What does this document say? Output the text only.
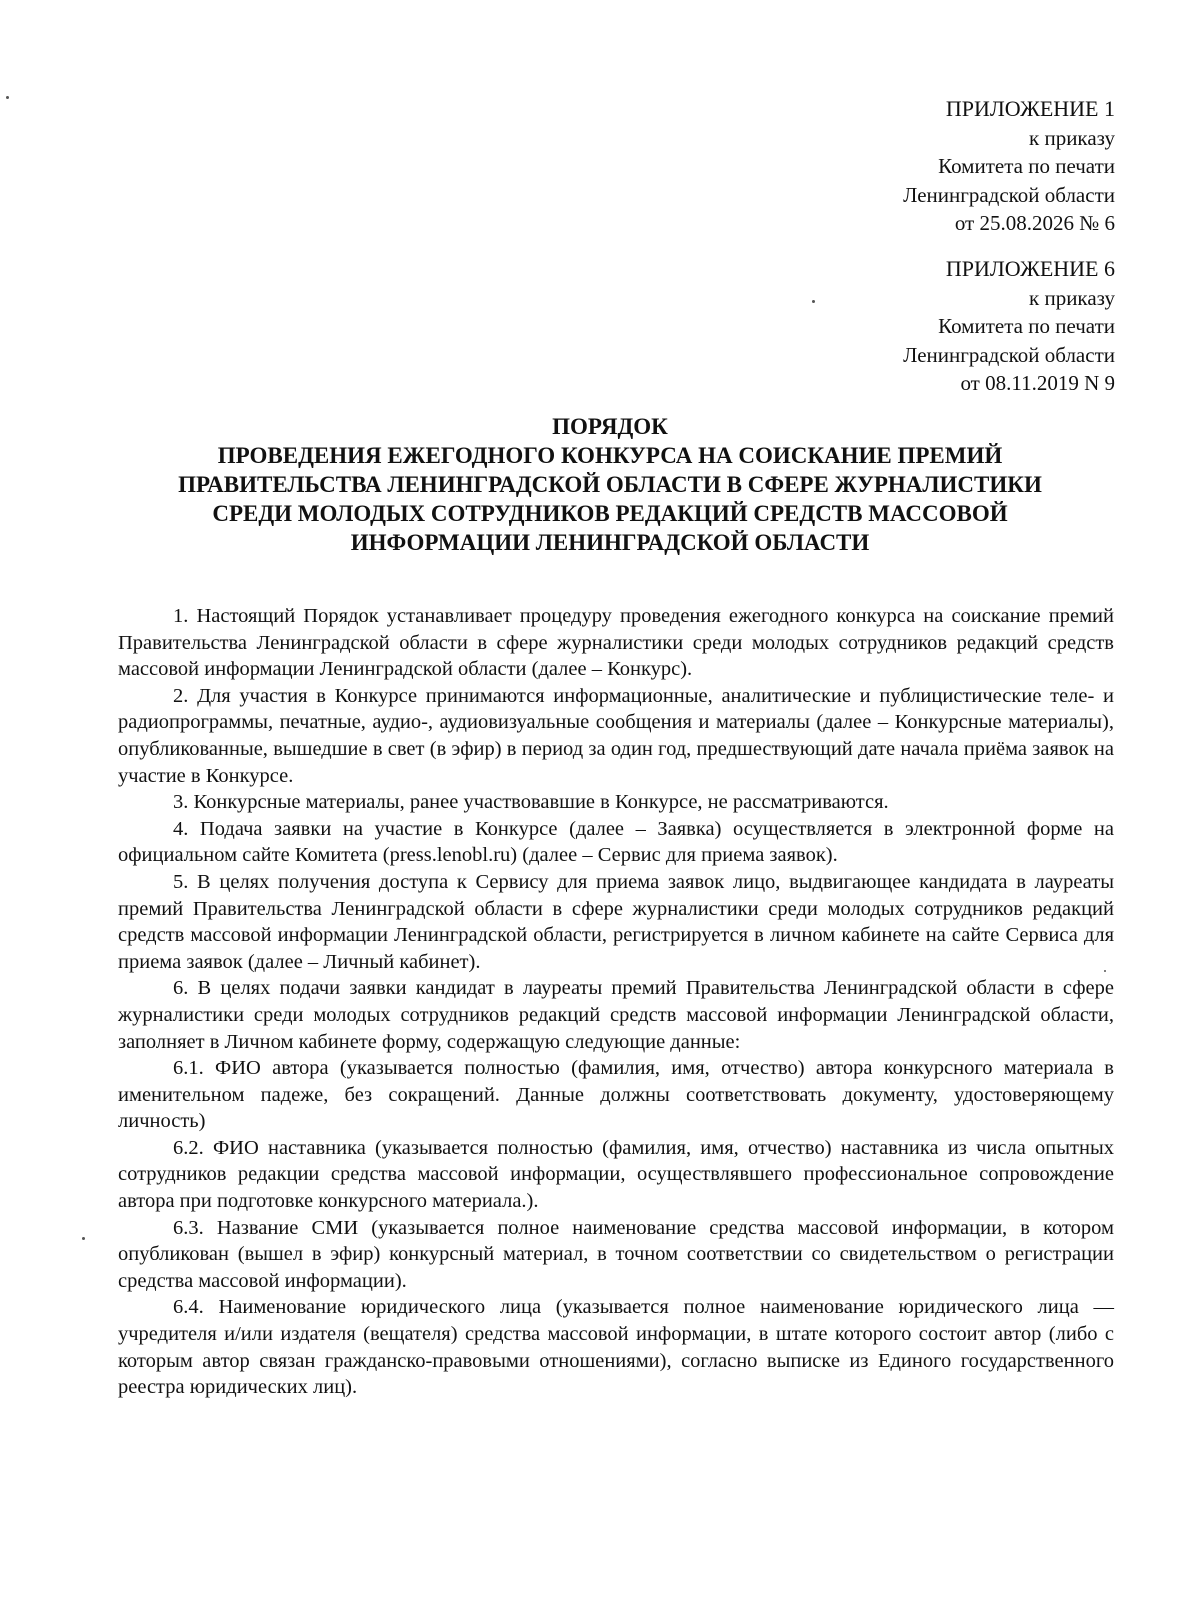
ПРИЛОЖЕНИЕ 1
к приказу
Комитета по печати
Ленинградской области
от 25.08.2026 № 6
ПРИЛОЖЕНИЕ 6
к приказу
Комитета по печати
Ленинградской области
от 08.11.2019 N 9
ПОРЯДОК
ПРОВЕДЕНИЯ ЕЖЕГОДНОГО КОНКУРСА НА СОИСКАНИЕ ПРЕМИЙ
ПРАВИТЕЛЬСТВА ЛЕНИНГРАДСКОЙ ОБЛАСТИ В СФЕРЕ ЖУРНАЛИСТИКИ
СРЕДИ МОЛОДЫХ СОТРУДНИКОВ РЕДАКЦИЙ СРЕДСТВ МАССОВОЙ
ИНФОРМАЦИИ ЛЕНИНГРАДСКОЙ ОБЛАСТИ

1. Настоящий Порядок устанавливает процедуру проведения ежегодного конкурса на соискание премий Правительства Ленинградской области в сфере журналистики среди молодых сотрудников редакций средств массовой информации Ленинградской области (далее – Конкурс).

2. Для участия в Конкурсе принимаются информационные, аналитические и публицистические теле- и радиопрограммы, печатные, аудио-, аудиовизуальные сообщения и материалы (далее – Конкурсные материалы), опубликованные, вышедшие в свет (в эфир) в период за один год, предшествующий дате начала приёма заявок на участие в Конкурсе.

3. Конкурсные материалы, ранее участвовавшие в Конкурсе, не рассматриваются.

4. Подача заявки на участие в Конкурсе (далее – Заявка) осуществляется в электронной форме на официальном сайте Комитета (press.lenobl.ru) (далее – Сервис для приема заявок).

5. В целях получения доступа к Сервису для приема заявок лицо, выдвигающее кандидата в лауреаты премий Правительства Ленинградской области в сфере журналистики среди молодых сотрудников редакций средств массовой информации Ленинградской области, регистрируется в личном кабинете на сайте Сервиса для приема заявок (далее – Личный кабинет).

6. В целях подачи заявки кандидат в лауреаты премий Правительства Ленинградской области в сфере журналистики среди молодых сотрудников редакций средств массовой информации Ленинградской области, заполняет в Личном кабинете форму, содержащую следующие данные:

6.1. ФИО автора (указывается полностью (фамилия, имя, отчество) автора конкурсного материала в именительном падеже, без сокращений. Данные должны соответствовать документу, удостоверяющему личность)

6.2. ФИО наставника (указывается полностью (фамилия, имя, отчество) наставника из числа опытных сотрудников редакции средства массовой информации, осуществлявшего профессиональное сопровождение автора при подготовке конкурсного материала.).

6.3. Название СМИ (указывается полное наименование средства массовой информации, в котором опубликован (вышел в эфир) конкурсный материал, в точном соответствии со свидетельством о регистрации средства массовой информации).

6.4. Наименование юридического лица (указывается полное наименование юридического лица — учредителя и/или издателя (вещателя) средства массовой информации, в штате которого состоит автор (либо с которым автор связан гражданско-правовыми отношениями), согласно выписке из Единого государственного реестра юридических лиц).
